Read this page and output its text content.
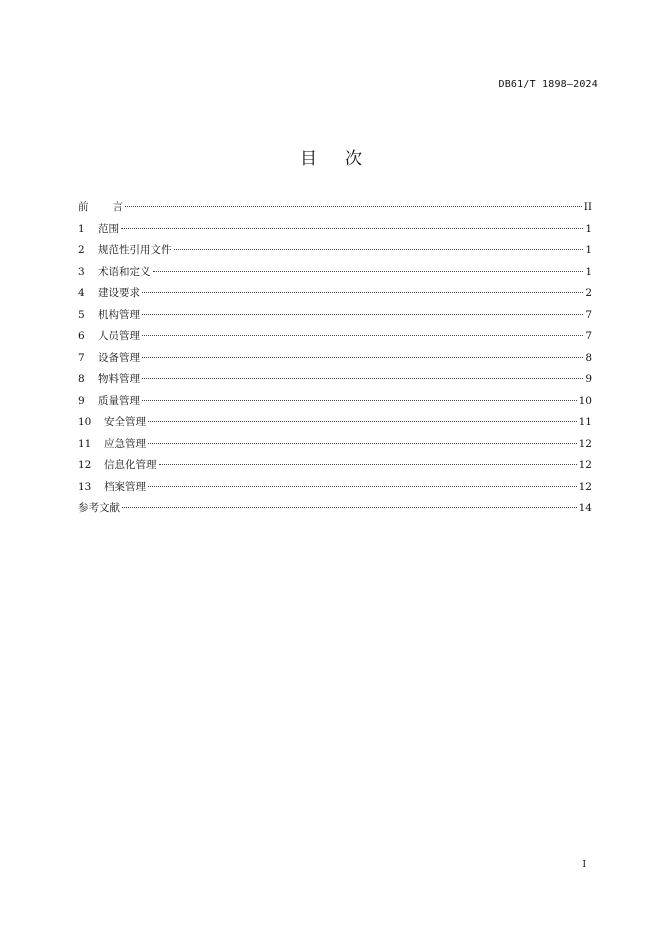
DB61/T 1898—2024
目次
前 言	II
1	范围	1
2	规范性引用文件	1
3	术语和定义	1
4	建设要求	2
5	机构管理	7
6	人员管理	7
7	设备管理	8
8	物料管理	9
9	质量管理	10
10	安全管理	11
11	应急管理	12
12	信息化管理	12
13	档案管理	12
参考文献	14
I
